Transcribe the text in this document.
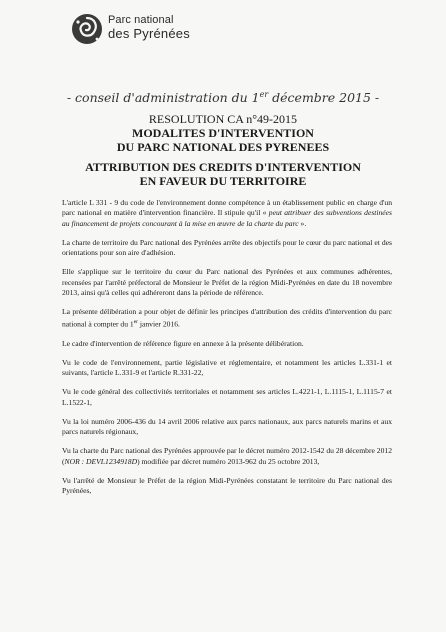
Parc national
des Pyrénées
- conseil d'administration du 1er décembre 2015 -
RESOLUTION CA n°49-2015
MODALITES D'INTERVENTION
DU PARC NATIONAL DES PYRENEES
ATTRIBUTION DES CREDITS D'INTERVENTION
EN FAVEUR DU TERRITOIRE

L'article L 331 - 9 du code de l'environnement donne compétence à un établissement public en charge d'un parc national en matière d'intervention financière. Il stipule qu'il « peut attribuer des subventions destinées au financement de projets concourant à la mise en œuvre de la charte du parc ».

La charte de territoire du Parc national des Pyrénées arrête des objectifs pour le cœur du parc national et des orientations pour son aire d'adhésion.

Elle s'applique sur le territoire du cœur du Parc national des Pyrénées et aux communes adhérentes, recensées par l'arrêté préfectoral de Monsieur le Préfet de la région Midi-Pyrénées en date du 18 novembre 2013, ainsi qu'à celles qui adhéreront dans la période de référence.

La présente délibération a pour objet de définir les principes d'attribution des crédits d'intervention du parc national à compter du 1er janvier 2016.

Le cadre d'intervention de référence figure en annexe à la présente délibération.

Vu le code de l'environnement, partie législative et réglementaire, et notamment les articles L.331-1 et suivants, l'article L.331-9 et l'article R.331-22,

Vu le code général des collectivités territoriales et notamment ses articles L.4221-1, L.1115-1, L.1115-7 et L.1522-1,

Vu la loi numéro 2006-436 du 14 avril 2006 relative aux parcs nationaux, aux parcs naturels marins et aux parcs naturels régionaux,

Vu la charte du Parc national des Pyrénées approuvée par le décret numéro 2012-1542 du 28 décembre 2012 (NOR : DEVL1234918D) modifiée par décret numéro 2013-962 du 25 octobre 2013,

Vu l'arrêté de Monsieur le Préfet de la région Midi-Pyrénées constatant le territoire du Parc national des Pyrénées,
